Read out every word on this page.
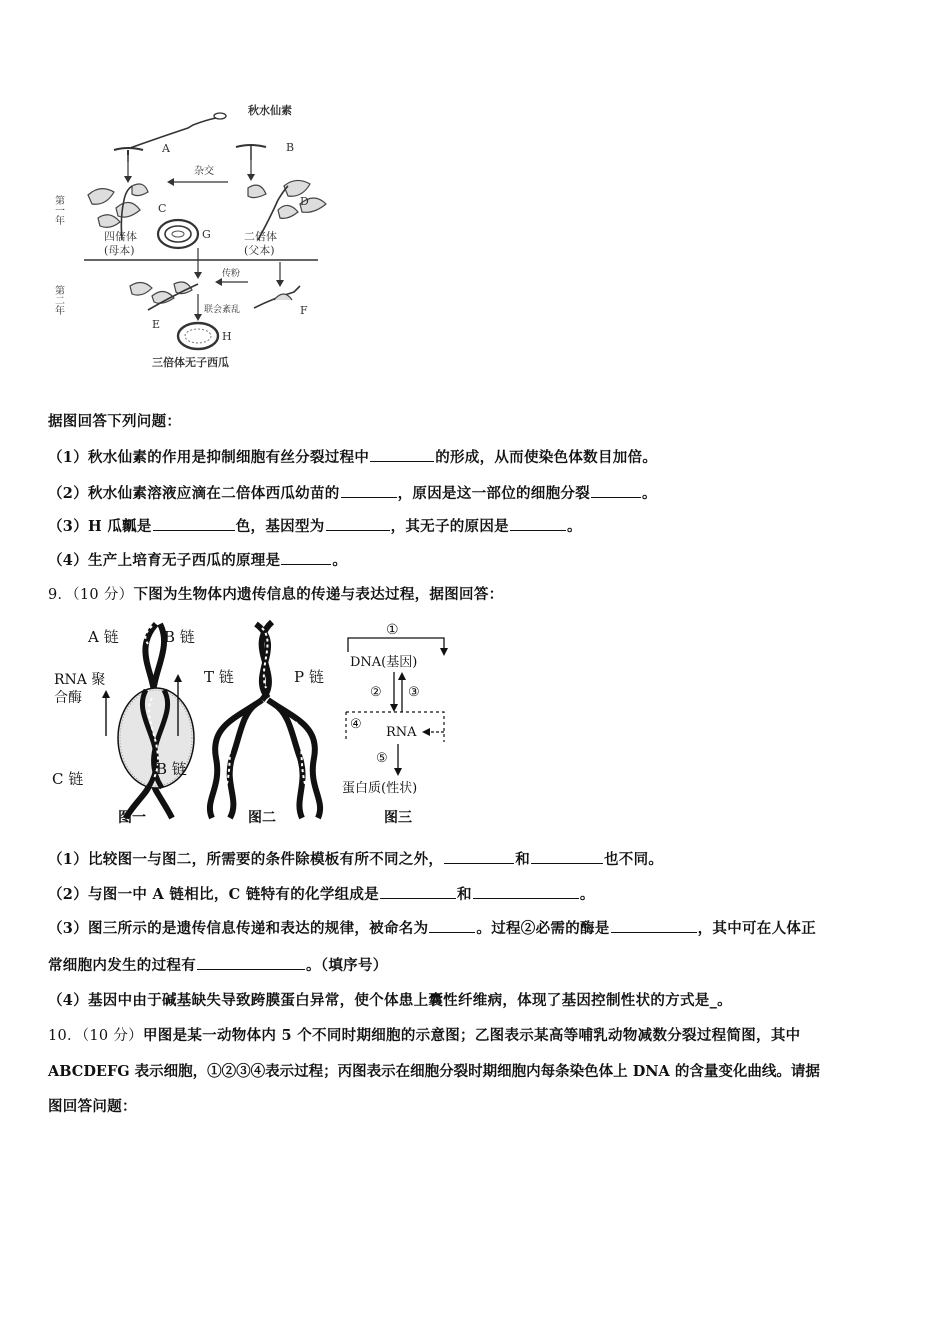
秋水仙素
A	B
杂交
C
D
G
四倍体
(母本)
二倍体
(父本)
第一年
第二年
传粉
E
F
联会紊乱
H
三倍体无子西瓜
据图回答下列问题：
（1）秋水仙素的作用是抑制细胞有丝分裂过程中	的形成，从而使染色体数目加倍。
（2）秋水仙素溶液应滴在二倍体西瓜幼苗的	，原因是这一部位的细胞分裂	。
（3）H 瓜瓤是	色，基因型为	，其无子的原因是	。
（4）生产上培育无子西瓜的原理是	。
9．（10 分）下图为生物体内遗传信息的传递与表达过程，据图回答：
A 链	B 链
RNA 聚
合酶
C 链
B 链
图一
T 链	P 链
图二
①
DNA(基因)
② ③
④
RNA
⑤
蛋白质(性状)
图三
（1）比较图一与图二，所需要的条件除模板有所不同之外，	和	也不同。
（2）与图一中 A 链相比，C 链特有的化学组成是	和	。
（3）图三所示的是遗传信息传递和表达的规律，被命名为	。过程②必需的酶是	，其中可在人体正
常细胞内发生的过程有	。（填序号）
（4）基因中由于碱基缺失导致跨膜蛋白异常，使个体患上囊性纤维病，体现了基因控制性状的方式是_。
10．（10 分）甲图是某一动物体内 5 个不同时期细胞的示意图；乙图表示某高等哺乳动物减数分裂过程简图，其中
ABCDEFG 表示细胞，①②③④表示过程；丙图表示在细胞分裂时期细胞内每条染色体上 DNA 的含量变化曲线。请据
图回答问题：
